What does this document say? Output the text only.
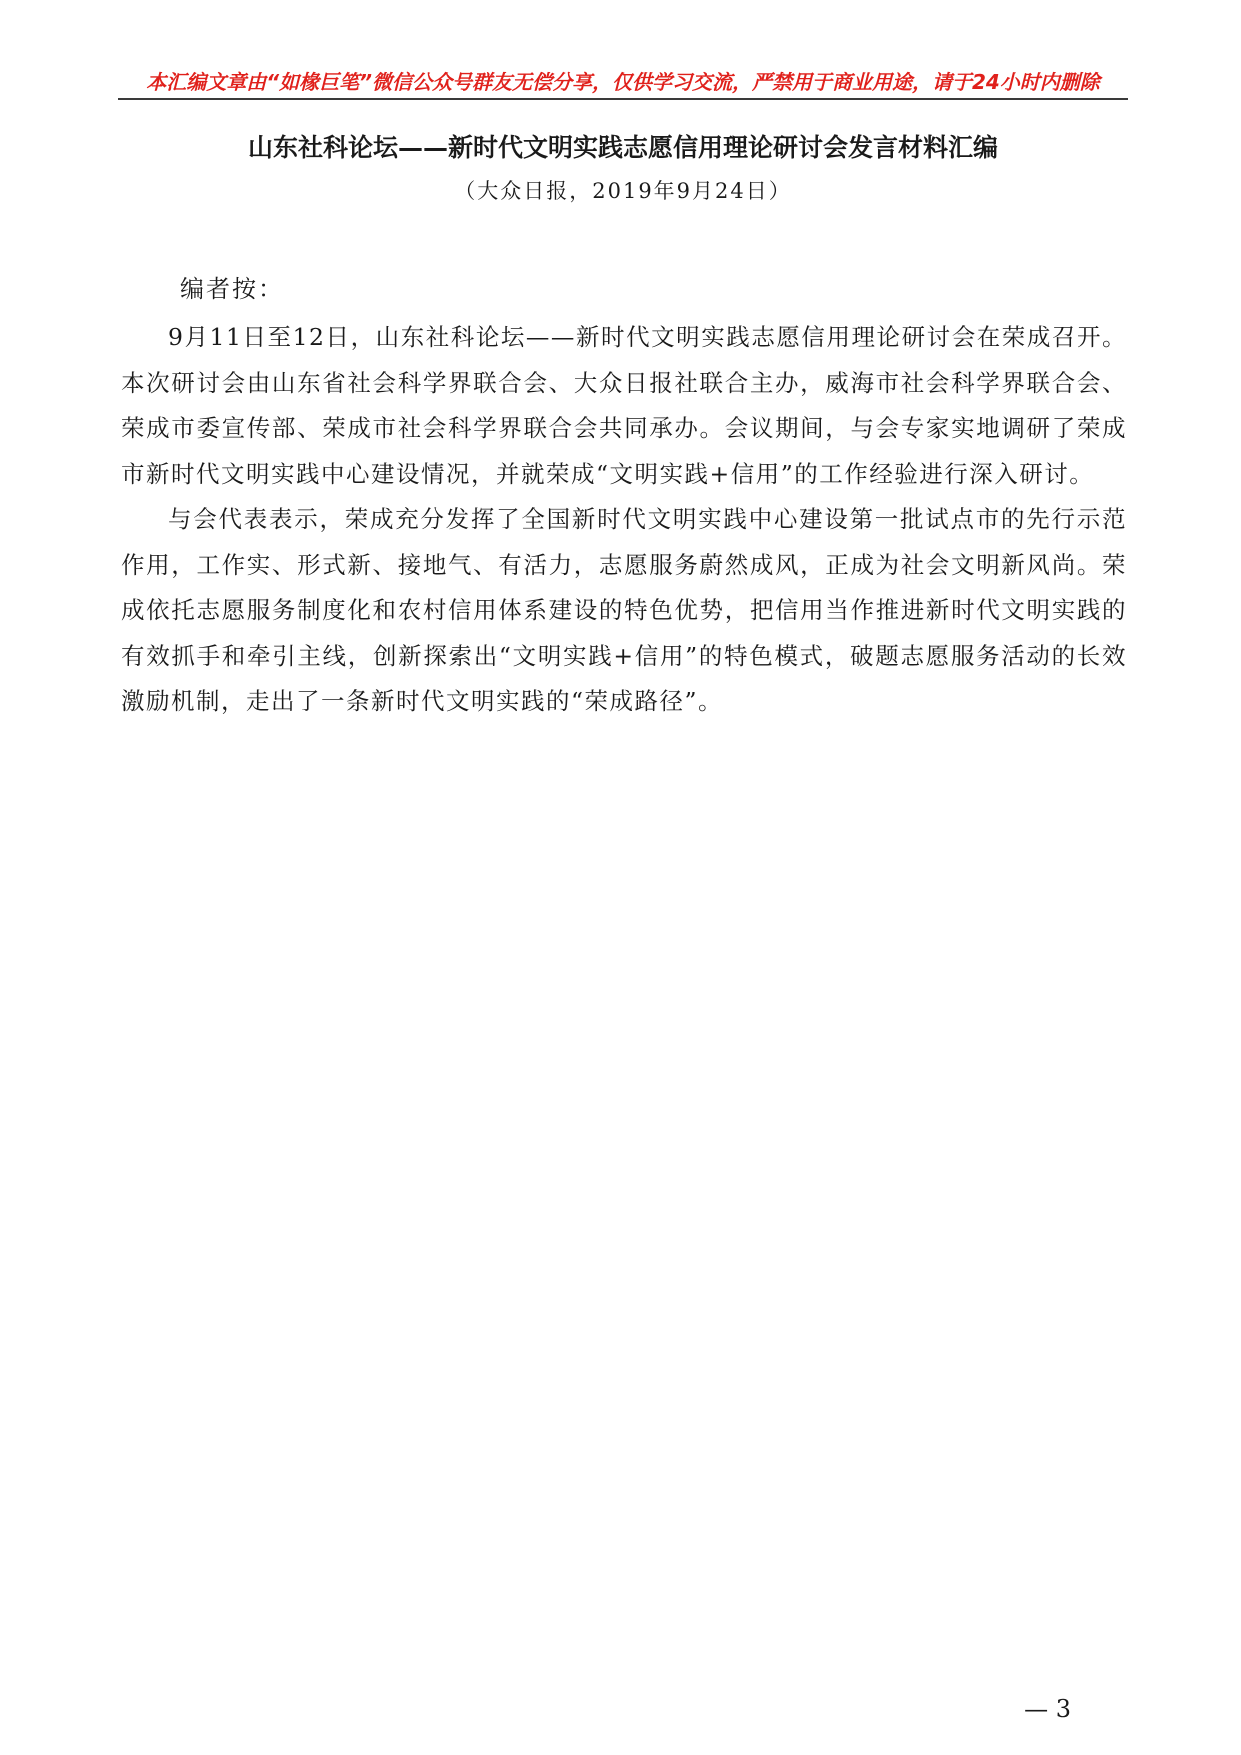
本汇编文章由“如椽巨笔”微信公众号群友无偿分享，仅供学习交流，严禁用于商业用途，请于24小时内删除
山东社科论坛——新时代文明实践志愿信用理论研讨会发言材料汇编
（大众日报，2019年9月24日）
编者按：

9月11日至12日，山东社科论坛——新时代文明实践志愿信用理论研讨会在荣成召开。本次研讨会由山东省社会科学界联合会、大众日报社联合主办，威海市社会科学界联合会、荣成市委宣传部、荣成市社会科学界联合会共同承办。会议期间，与会专家实地调研了荣成市新时代文明实践中心建设情况，并就荣成“文明实践+信用”的工作经验进行深入研讨。

与会代表表示，荣成充分发挥了全国新时代文明实践中心建设第一批试点市的先行示范作用，工作实、形式新、接地气、有活力，志愿服务蔚然成风，正成为社会文明新风尚。荣成依托志愿服务制度化和农村信用体系建设的特色优势，把信用当作推进新时代文明实践的有效抓手和牵引主线，创新探索出“文明实践+信用”的特色模式，破题志愿服务活动的长效激励机制，走出了一条新时代文明实践的“荣成路径”。

— 3
